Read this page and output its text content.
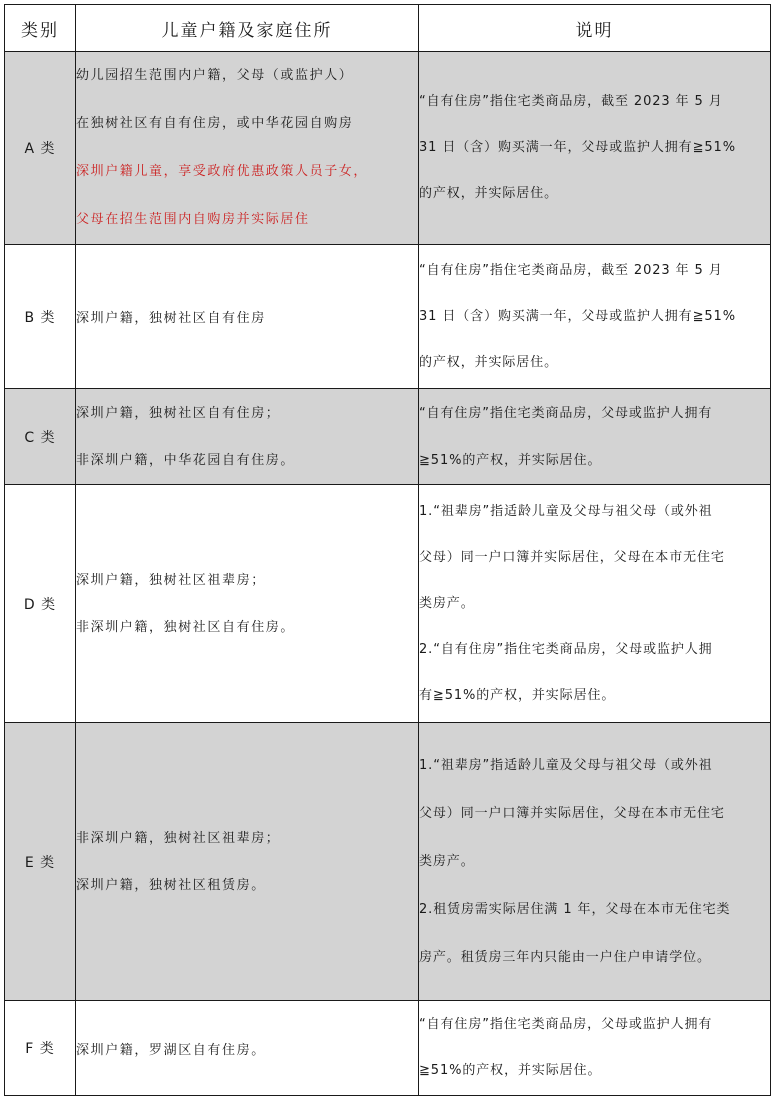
类别	儿童户籍及家庭住所	说明
A 类	幼儿园招生范围内户籍，父母（或监护人）
在独树社区有自有住房，或中华花园自购房
深圳户籍儿童，享受政府优惠政策人员子女，
父母在招生范围内自购房并实际居住	“自有住房”指住宅类商品房，截至 2023 年 5 月
31 日（含）购买满一年，父母或监护人拥有≧51%
的产权，并实际居住。

B 类	深圳户籍，独树社区自有住房	“自有住房”指住宅类商品房，截至 2023 年 5 月
31 日（含）购买满一年，父母或监护人拥有≧51%
的产权，并实际居住。

C 类	深圳户籍，独树社区自有住房；
非深圳户籍，中华花园自有住房。	“自有住房”指住宅类商品房，父母或监护人拥有
≧51%的产权，并实际居住。

D 类	深圳户籍，独树社区祖辈房；
非深圳户籍，独树社区自有住房。	1.“祖辈房”指适龄儿童及父母与祖父母（或外祖
父母）同一户口簿并实际居住，父母在本市无住宅
类房产。
2.“自有住房”指住宅类商品房，父母或监护人拥
有≧51%的产权，并实际居住。

E 类	非深圳户籍，独树社区祖辈房；
深圳户籍，独树社区租赁房。	1.“祖辈房”指适龄儿童及父母与祖父母（或外祖
父母）同一户口簿并实际居住，父母在本市无住宅
类房产。
2.租赁房需实际居住满 1 年，父母在本市无住宅类
房产。租赁房三年内只能由一户住户申请学位。

F 类	深圳户籍，罗湖区自有住房。	“自有住房”指住宅类商品房，父母或监护人拥有
≧51%的产权，并实际居住。
